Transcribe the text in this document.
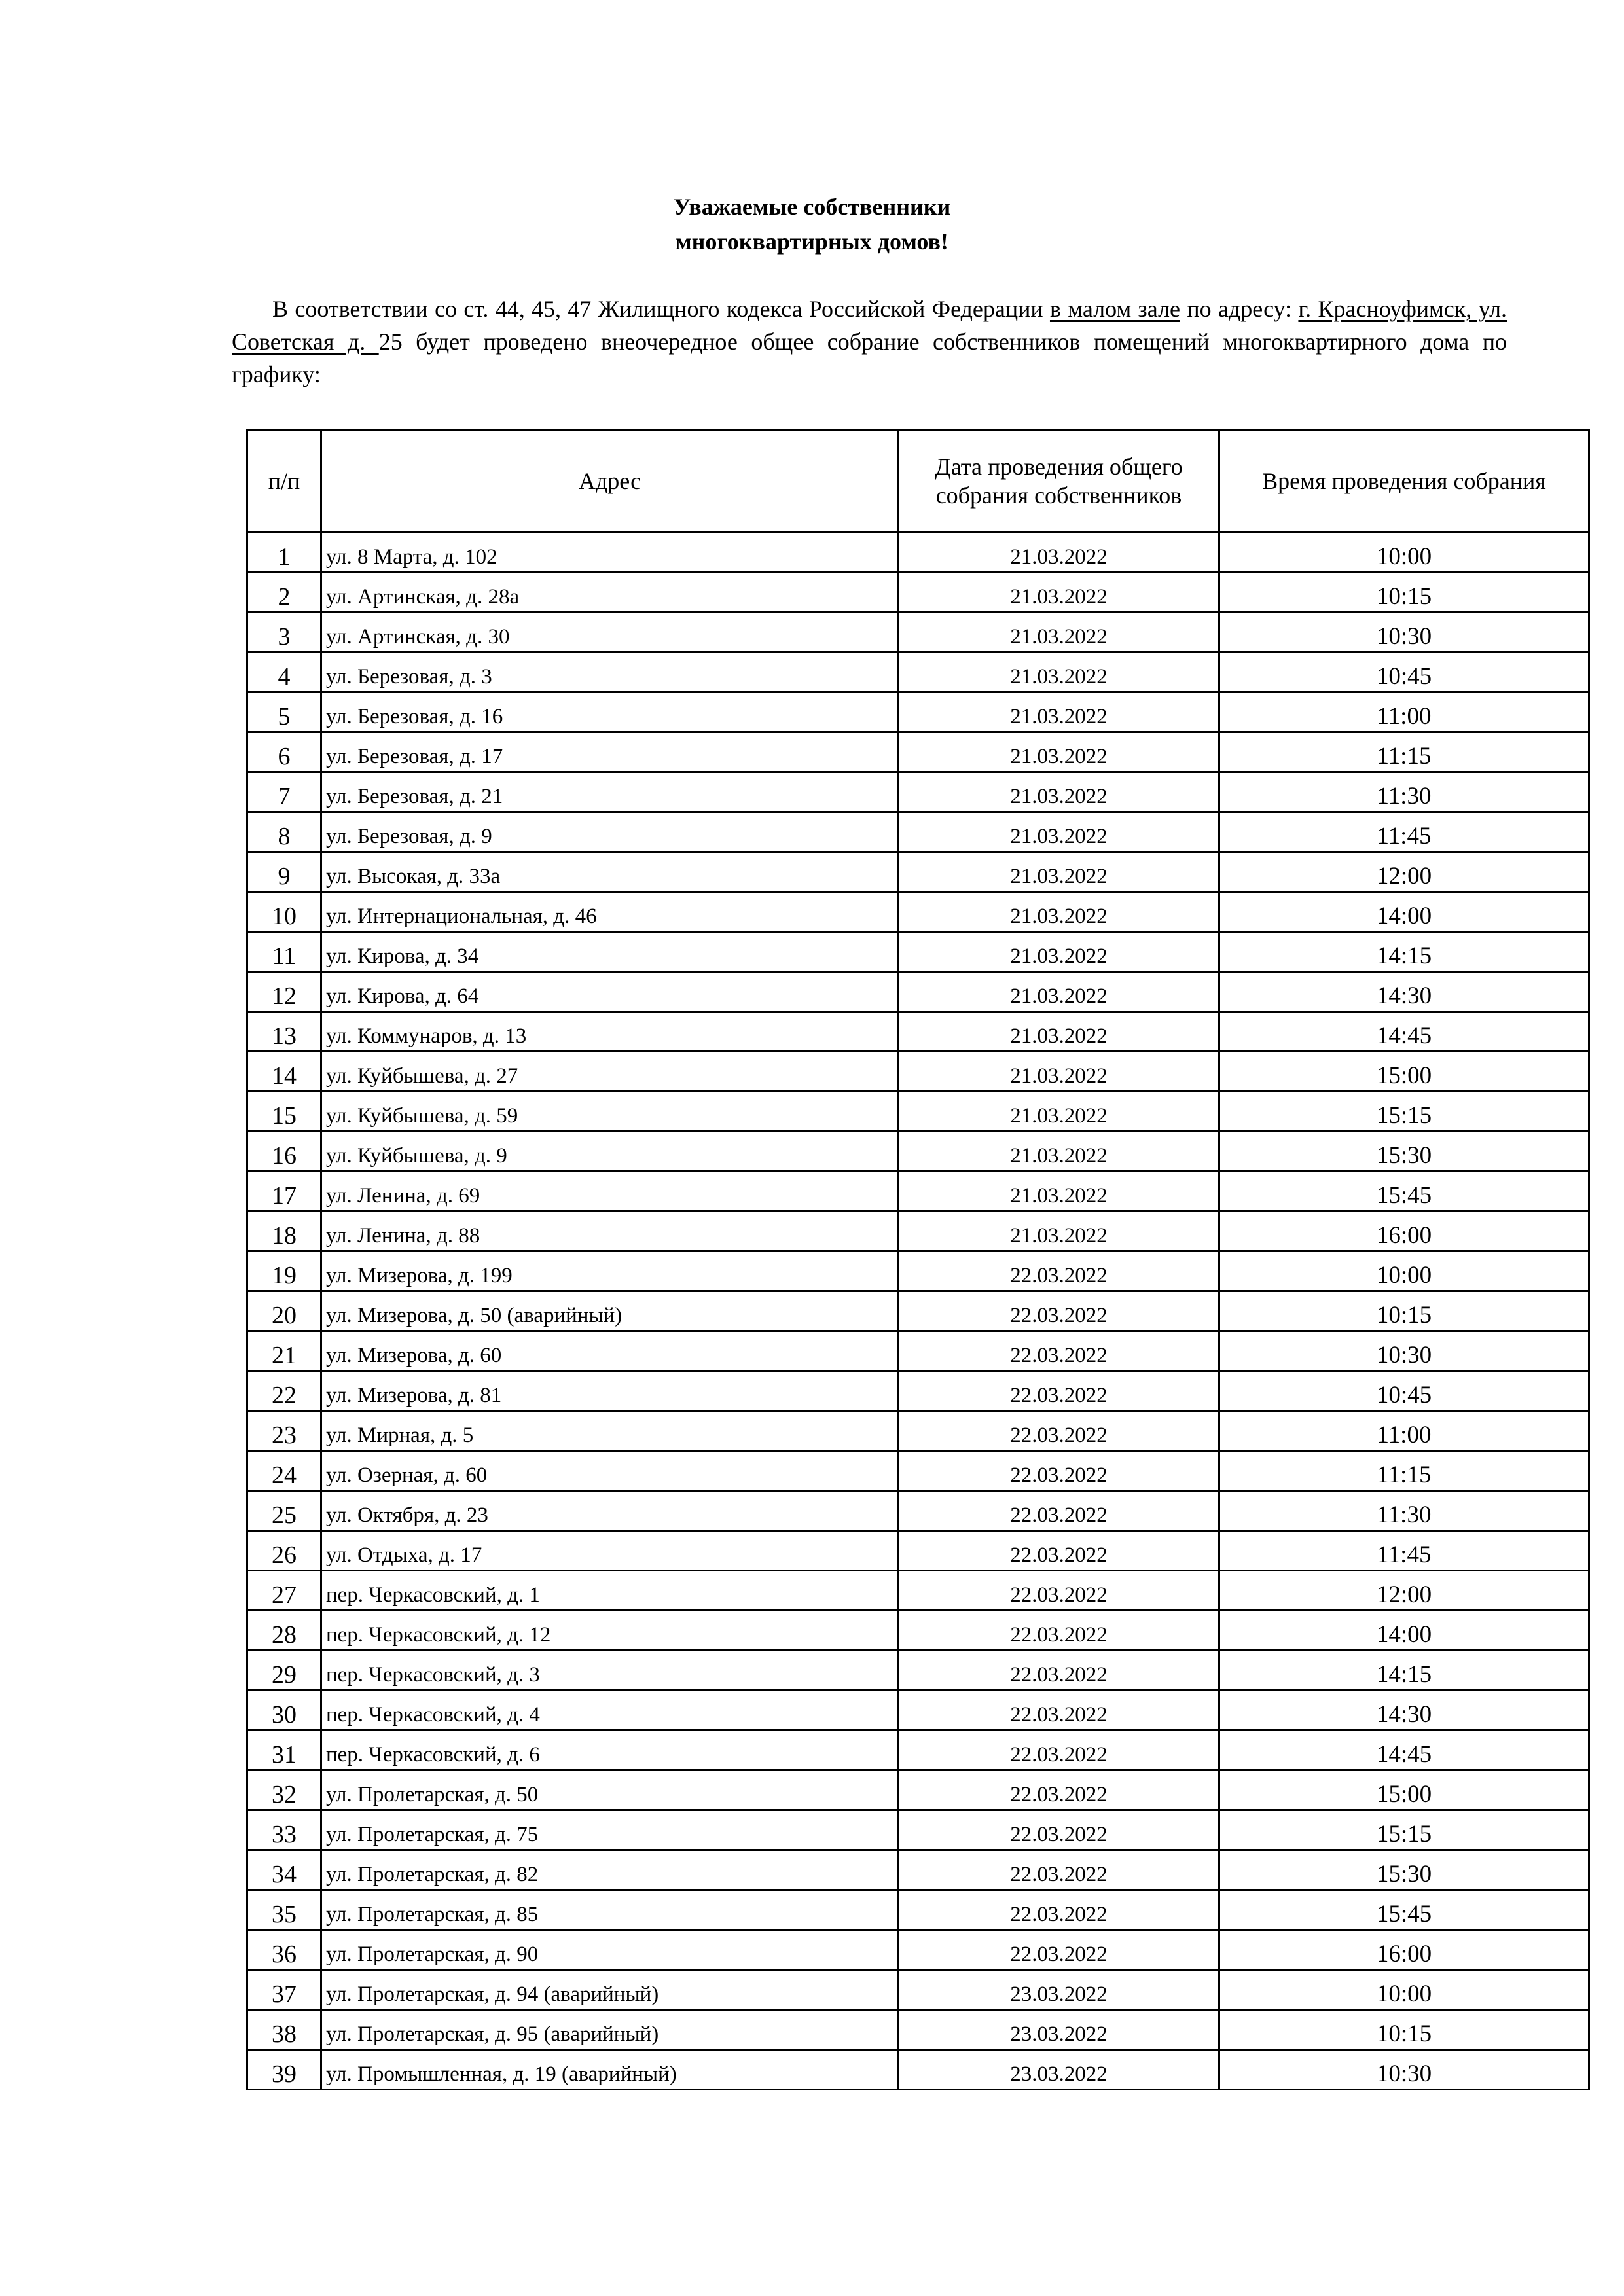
Уважаемые собственники
многоквартирных домов!

В соответствии со ст. 44, 45, 47 Жилищного кодекса Российской Федерации в малом зале по адресу: г. Красноуфимск, ул. Советская д. 25 будет проведено внеочередное общее собрание собственников помещений многоквартирного дома по графику:

п/п	Адрес	Дата проведения общего собрания собственников	Время проведения собрания
1	ул. 8 Марта, д. 102	21.03.2022	10:00
2	ул. Артинская, д. 28а	21.03.2022	10:15
3	ул. Артинская, д. 30	21.03.2022	10:30
4	ул. Березовая, д. 3	21.03.2022	10:45
5	ул. Березовая, д. 16	21.03.2022	11:00
6	ул. Березовая, д. 17	21.03.2022	11:15
7	ул. Березовая, д. 21	21.03.2022	11:30
8	ул. Березовая, д. 9	21.03.2022	11:45
9	ул. Высокая, д. 33а	21.03.2022	12:00
10	ул. Интернациональная, д. 46	21.03.2022	14:00
11	ул. Кирова, д. 34	21.03.2022	14:15
12	ул. Кирова, д. 64	21.03.2022	14:30
13	ул. Коммунаров, д. 13	21.03.2022	14:45
14	ул. Куйбышева, д. 27	21.03.2022	15:00
15	ул. Куйбышева, д. 59	21.03.2022	15:15
16	ул. Куйбышева, д. 9	21.03.2022	15:30
17	ул. Ленина, д. 69	21.03.2022	15:45
18	ул. Ленина, д. 88	21.03.2022	16:00
19	ул. Мизерова, д. 199	22.03.2022	10:00
20	ул. Мизерова, д. 50 (аварийный)	22.03.2022	10:15
21	ул. Мизерова, д. 60	22.03.2022	10:30
22	ул. Мизерова, д. 81	22.03.2022	10:45
23	ул. Мирная, д. 5	22.03.2022	11:00
24	ул. Озерная, д. 60	22.03.2022	11:15
25	ул. Октября, д. 23	22.03.2022	11:30
26	ул. Отдыха, д. 17	22.03.2022	11:45
27	пер. Черкасовский, д. 1	22.03.2022	12:00
28	пер. Черкасовский, д. 12	22.03.2022	14:00
29	пер. Черкасовский, д. 3	22.03.2022	14:15
30	пер. Черкасовский, д. 4	22.03.2022	14:30
31	пер. Черкасовский, д. 6	22.03.2022	14:45
32	ул. Пролетарская, д. 50	22.03.2022	15:00
33	ул. Пролетарская, д. 75	22.03.2022	15:15
34	ул. Пролетарская, д. 82	22.03.2022	15:30
35	ул. Пролетарская, д. 85	22.03.2022	15:45
36	ул. Пролетарская, д. 90	22.03.2022	16:00
37	ул. Пролетарская, д. 94 (аварийный)	23.03.2022	10:00
38	ул. Пролетарская, д. 95 (аварийный)	23.03.2022	10:15
39	ул. Промышленная, д. 19 (аварийный)	23.03.2022	10:30
